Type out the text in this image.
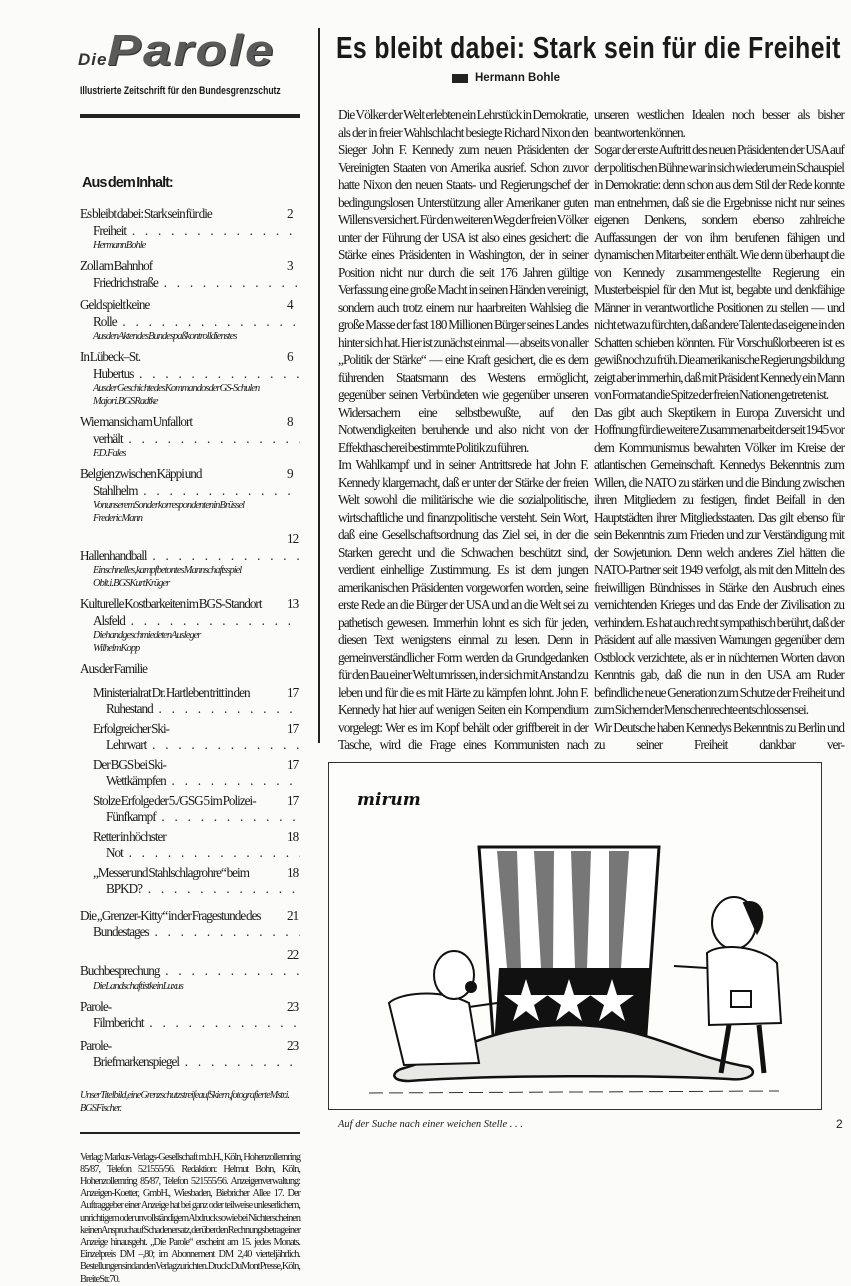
DieParole
Illustrierte Zeitschrift für den Bundesgrenzschutz
Aus dem Inhalt:
2
Es bleibt dabei: Stark sein für die Freiheit . . .
Hermann Bohle
3
Zoll am Bahnhof Friedrichstraße . . .
4
Geld spielt keine Rolle . . .
Aus den Akten des Bundespaßkontrolldienstes
6
In Lübeck–St. Hubertus . . .
Aus der Geschichte des Kommandos der GS-Schulen
Major i. BGS Radtke
8
Wie man sich am Unfallort verhält . . .
F. D. Fales
9
Belgien zwischen Käppi und Stahlhelm . . .
Von unserem Sonderkorrespondenten in Brüssel
Frederic Mann
12
Hallenhandball . . .
Ein schnelles, kampfbetontes Mannschaftsspiel
Oblt. i. BGS Kurt Krüger
13
Kulturelle Kostbarkeiten im BGS-Standort Alsfeld . . .
Die handgeschmiedeten Ausleger
Wilhelm Kopp
Aus der Familie
17
Ministerialrat Dr. Hartleben tritt in den Ruhestand . . .
17
Erfolgreicher Ski-Lehrwart . . .
17
Der BGS bei Ski-Wettkämpfen . . .
17
Stolze Erfolge der 5./GSG 5 im Polizei-Fünfkampf . . .
18
Retter in höchster Not . . .
18
„Messer und Stahlschlagrohre“ beim BPKD? . . .
21
Die „Grenzer-Kitty“ in der Fragestunde des Bundestages . . .
22
Buchbesprechung . . .
Die Landschaft ist kein Luxus
23
Parole-Filmbericht . . .
23
Parole-Briefmarkenspiegel . . .
Unser Titelbild, eine Grenzschutzstreife auf Skiern, fotografierte Mstr. i. BGS Fischer.
Verlag: Markus-Verlags-Gesellschaft m.b.H., Köln, Hohenzollernring 85/87, Telefon 521555/56. Redaktion: Helmut Bohn, Köln, Hohenzollernring 85/87, Telefon 521555/56. Anzeigenverwaltung: Anzeigen-Koetter, GmbH., Wiesbaden, Biebricher Allee 17. Der Auftraggeber einer Anzeige hat bei ganz oder teilweise unleserlichem, unrichtigem oder unvollständigem Abdruck sowie bei Nichterscheinen keinen Anspruch auf Schadenersatz, der über den Rechnungsbetrag einer Anzeige hinausgeht. „Die Parole“ erscheint am 15. jedes Monats. Einzelpreis DM –,80; im Abonnement DM 2,40 vierteljährlich. Bestellungen sind an den Verlag zu richten. Druck: DuMont Presse, Köln, Breite Str. 70.
Es bleibt dabei: Stark sein für die Freiheit
Hermann Bohle

Die Völker der Welt erlebten ein Lehrstück in Demokratie, als der in freier Wahlschlacht besiegte Richard Nixon den Sieger John F. Kennedy zum neuen Präsidenten der Vereinigten Staaten von Amerika ausrief. Schon zuvor hatte Nixon den neuen Staats- und Regierungschef der bedingungslosen Unterstützung aller Amerikaner guten Willens versichert. Für den weiteren Weg der freien Völker unter der Führung der USA ist also eines gesichert: die Stärke eines Präsidenten in Washington, der in seiner Position nicht nur durch die seit 176 Jahren gültige Verfassung eine große Macht in seinen Händen vereinigt, sondern auch trotz einem nur haarbreiten Wahlsieg die große Masse der fast 180 Millionen Bürger seines Landes hinter sich hat. Hier ist zunächst einmal — abseits von aller „Politik der Stärke“ — eine Kraft gesichert, die es dem führenden Staatsmann des Westens ermöglicht, gegenüber seinen Verbündeten wie gegenüber unseren Widersachern eine selbstbewußte, auf den Notwendigkeiten beruhende und also nicht von der Effekthascherei bestimmte Politik zu führen.

Im Wahlkampf und in seiner Antrittsrede hat John F. Kennedy klargemacht, daß er unter der Stärke der freien Welt sowohl die militärische wie die sozialpolitische, wirtschaftliche und finanzpolitische versteht. Sein Wort, daß eine Gesellschaftsordnung das Ziel sei, in der die Starken gerecht und die Schwachen beschützt sind, verdient einhellige Zustimmung. Es ist dem jungen amerikanischen Präsidenten vorgeworfen worden, seine erste Rede an die Bürger der USA und an die Welt sei zu pathetisch gewesen. Immerhin lohnt es sich für jeden, diesen Text wenigstens einmal zu lesen. Denn in gemeinverständlicher Form werden da Grundgedanken für den Bau einer Welt umrissen, in der sich mit Anstand zu leben und für die es mit Härte zu kämpfen lohnt. John F. Kennedy hat hier auf wenigen Seiten ein Kompendium vorgelegt: Wer es im Kopf behält oder griffbereit in der Tasche, wird die Frage eines Kommunisten nach

unseren westlichen Idealen noch besser als bisher beantworten können.

Sogar der erste Auftritt des neuen Präsidenten der USA auf der politischen Bühne war in sich wiederum ein Schauspiel in Demokratie: denn schon aus dem Stil der Rede konnte man entnehmen, daß sie die Ergebnisse nicht nur seines eigenen Denkens, sondern ebenso zahlreiche Auffassungen der von ihm berufenen fähigen und dynamischen Mitarbeiter enthält. Wie denn überhaupt die von Kennedy zusammengestellte Regierung ein Musterbeispiel für den Mut ist, begabte und denkfähige Männer in verantwortliche Positionen zu stellen — und nicht etwa zu fürchten, daß andere Talente das eigene in den Schatten schieben könnten. Für Vorschußlorbeeren ist es gewiß noch zu früh. Die amerikanische Regierungsbildung zeigt aber immerhin, daß mit Präsident Kennedy ein Mann von Format an die Spitze der freien Nationen getreten ist.

Das gibt auch Skeptikern in Europa Zuversicht und Hoffnung für die weitere Zusammenarbeit der seit 1945 vor dem Kommunismus bewahrten Völker im Kreise der atlantischen Gemeinschaft. Kennedys Bekenntnis zum Willen, die NATO zu stärken und die Bindung zwischen ihren Mitgliedern zu festigen, findet Beifall in den Hauptstädten ihrer Mitgliedsstaaten. Das gilt ebenso für sein Bekenntnis zum Frieden und zur Verständigung mit der Sowjetunion. Denn welch anderes Ziel hätten die NATO-Partner seit 1949 verfolgt, als mit den Mitteln des freiwilligen Bündnisses in Stärke den Ausbruch eines vernichtenden Krieges und das Ende der Zivilisation zu verhindern. Es hat auch recht sympathisch berührt, daß der Präsident auf alle massiven Warnungen gegenüber dem Ostblock verzichtete, als er in nüchternen Worten davon Kenntnis gab, daß die nun in den USA am Ruder befindliche neue Generation zum Schutze der Freiheit und zum Sichern der Menschenrechte entschlossen sei.

Wir Deutsche haben Kennedys Bekenntnis zu Berlin und zu seiner Freiheit dankbar ver-

mirum
Auf der Suche nach einer weichen Stelle . . .	2
